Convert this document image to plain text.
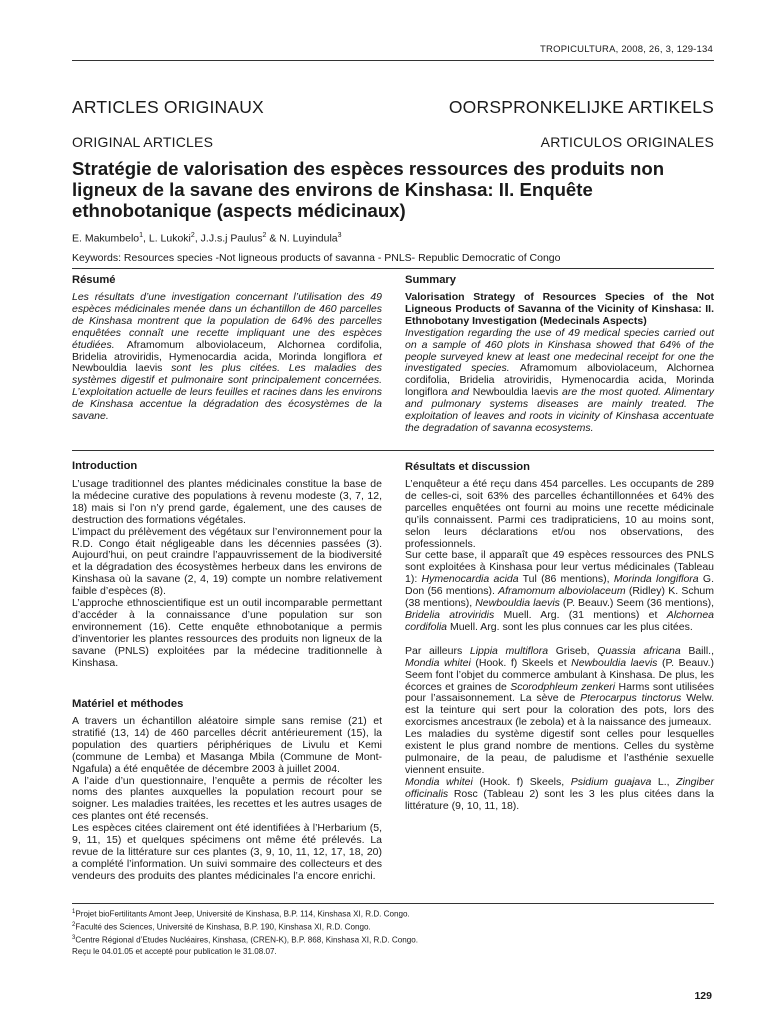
TROPICULTURA, 2008, 26, 3, 129-134
ARTICLES ORIGINAUX	OORSPRONKELIJKE ARTIKELS
ORIGINAL ARTICLES	ARTICULOS ORIGINALES
Stratégie de valorisation des espèces ressources des produits non ligneux de la savane des environs de Kinshasa: II. Enquête ethnobotanique (aspects médicinaux)
E. Makumbelo$^1$, L. Lukoki$^2$, J.J.s.j Paulus$^2$ & N. Luyindula$^3$
Keywords: Resources species -Not ligneous products of savanna - PNLS- Republic Democratic of Congo
Résumé
Les résultats d’une investigation concernant l’utilisation des 49 espèces médicinales menée dans un échantillon de 460 parcelles de Kinshasa montrent que la population de 64% des parcelles enquêtées connaît une recette impliquant une des espèces étudiées. Aframomum alboviolaceum, Alchornea cordifolia, Bridelia atroviridis, Hymenocardia acida, Morinda longiflora et Newbouldia laevis sont les plus citées. Les maladies des systèmes digestif et pulmonaire sont principalement concernées. L’exploitation actuelle de leurs feuilles et racines dans les environs de Kinshasa accentue la dégradation des écosystèmes de la savane.
Summary

Valorisation Strategy of Resources Species of the Not Ligneous Products of Savanna of the Vicinity of Kinshasa: II. Ethnobotany Investigation (Medecinals Aspects)

Investigation regarding the use of 49 medical species carried out on a sample of 460 plots in Kinshasa showed that 64% of the people surveyed knew at least one medecinal receipt for one the investigated species. Aframomum alboviolaceum, Alchornea cordifolia, Bridelia atroviridis, Hymenocardia acida, Morinda longiflora and Newbouldia laevis are the most quoted. Alimentary and pulmonary systems diseases are mainly treated. The exploitation of leaves and roots in vicinity of Kinshasa accentuate the degradation of savanna ecosystems.

Introduction

L’usage traditionnel des plantes médicinales constitue la base de la médecine curative des populations à revenu modeste (3, 7, 12, 18) mais si l’on n’y prend garde, également, une des causes de destruction des formations végétales.

L’impact du prélèvement des végétaux sur l’environnement pour la R.D. Congo était négligeable dans les décennies passées (3). Aujourd’hui, on peut craindre l’appauvrissement de la biodiversité et la dégradation des écosystèmes herbeux dans les environs de Kinshasa où la savane (2, 4, 19) compte un nombre relativement faible d’espèces (8).

L’approche ethnoscientifique est un outil incomparable permettant d’accéder à la connaissance d’une population sur son environnement (16). Cette enquête ethnobotanique a permis d’inventorier les plantes ressources des produits non ligneux de la savane (PNLS) exploitées par la médecine traditionnelle à Kinshasa.

Matériel et méthodes

A travers un échantillon aléatoire simple sans remise (21) et stratifié (13, 14) de 460 parcelles décrit antérieurement (15), la population des quartiers périphériques de Livulu et Kemi (commune de Lemba) et Masanga Mbila (Commune de Mont-Ngafula) a été enquêtée de décembre 2003 à juillet 2004.

A l’aide d’un questionnaire, l’enquête a permis de récolter les noms des plantes auxquelles la population recourt pour se soigner. Les maladies traitées, les recettes et les autres usages de ces plantes ont été recensés.

Les espèces citées clairement ont été identifiées à l’Herbarium (5, 9, 11, 15) et quelques spécimens ont même été prélevés. La revue de la littérature sur ces plantes (3, 9, 10, 11, 12, 17, 18, 20) a complété l’information. Un suivi sommaire des collecteurs et des vendeurs des produits des plantes médicinales l’a encore enrichi.

Résultats et discussion

L’enquêteur a été reçu dans 454 parcelles. Les occupants de 289 de celles-ci, soit 63% des parcelles échantillonnées et 64% des parcelles enquêtées ont fourni au moins une recette médicinale qu’ils connaissent. Parmi ces tradipraticiens, 10 au moins sont, selon leurs déclarations et/ou nos observations, des professionnels.

Sur cette base, il apparaît que 49 espèces ressources des PNLS sont exploitées à Kinshasa pour leur vertus médicinales (Tableau 1): Hymenocardia acida Tul (86 mentions), Morinda longiflora G. Don (56 mentions). Aframomum alboviolaceum (Ridley) K. Schum (38 mentions), Newbouldia laevis (P. Beauv.) Seem (36 mentions), Bridelia atroviridis Muell. Arg. (31 mentions) et Alchornea cordifolia Muell. Arg. sont les plus connues car les plus citées.

Par ailleurs Lippia multiflora Griseb, Quassia africana Baill., Mondia whitei (Hook. f) Skeels et Newbouldia laevis (P. Beauv.) Seem font l’objet du commerce ambulant à Kinshasa. De plus, les écorces et graines de Scorodphleum zenkeri Harms sont utilisées pour l’assaisonnement. La sève de Pterocarpus tinctorus Welw. est la teinture qui sert pour la coloration des pots, lors des exorcismes ancestraux (le zebola) et à la naissance des jumeaux.

Les maladies du système digestif sont celles pour lesquelles existent le plus grand nombre de mentions. Celles du système pulmonaire, de la peau, de paludisme et l’asthénie sexuelle viennent ensuite.

Mondia whitei (Hook. f) Skeels, Psidium guajava L., Zingiber officinalis Rosc (Tableau 2) sont les 3 les plus citées dans la littérature (9, 10, 11, 18).

$^1$Projet bioFertilitants Amont Jeep, Université de Kinshasa, B.P. 114, Kinshasa XI, R.D. Congo.
$^2$Faculté des Sciences, Université de Kinshasa, B.P. 190, Kinshasa XI, R.D. Congo.
$^3$Centre Régional d’Etudes Nucléaires, Kinshasa, (CREN-K), B.P. 868, Kinshasa XI, R.D. Congo.
Reçu le 04.01.05 et accepté pour publication le 31.08.07.
129
